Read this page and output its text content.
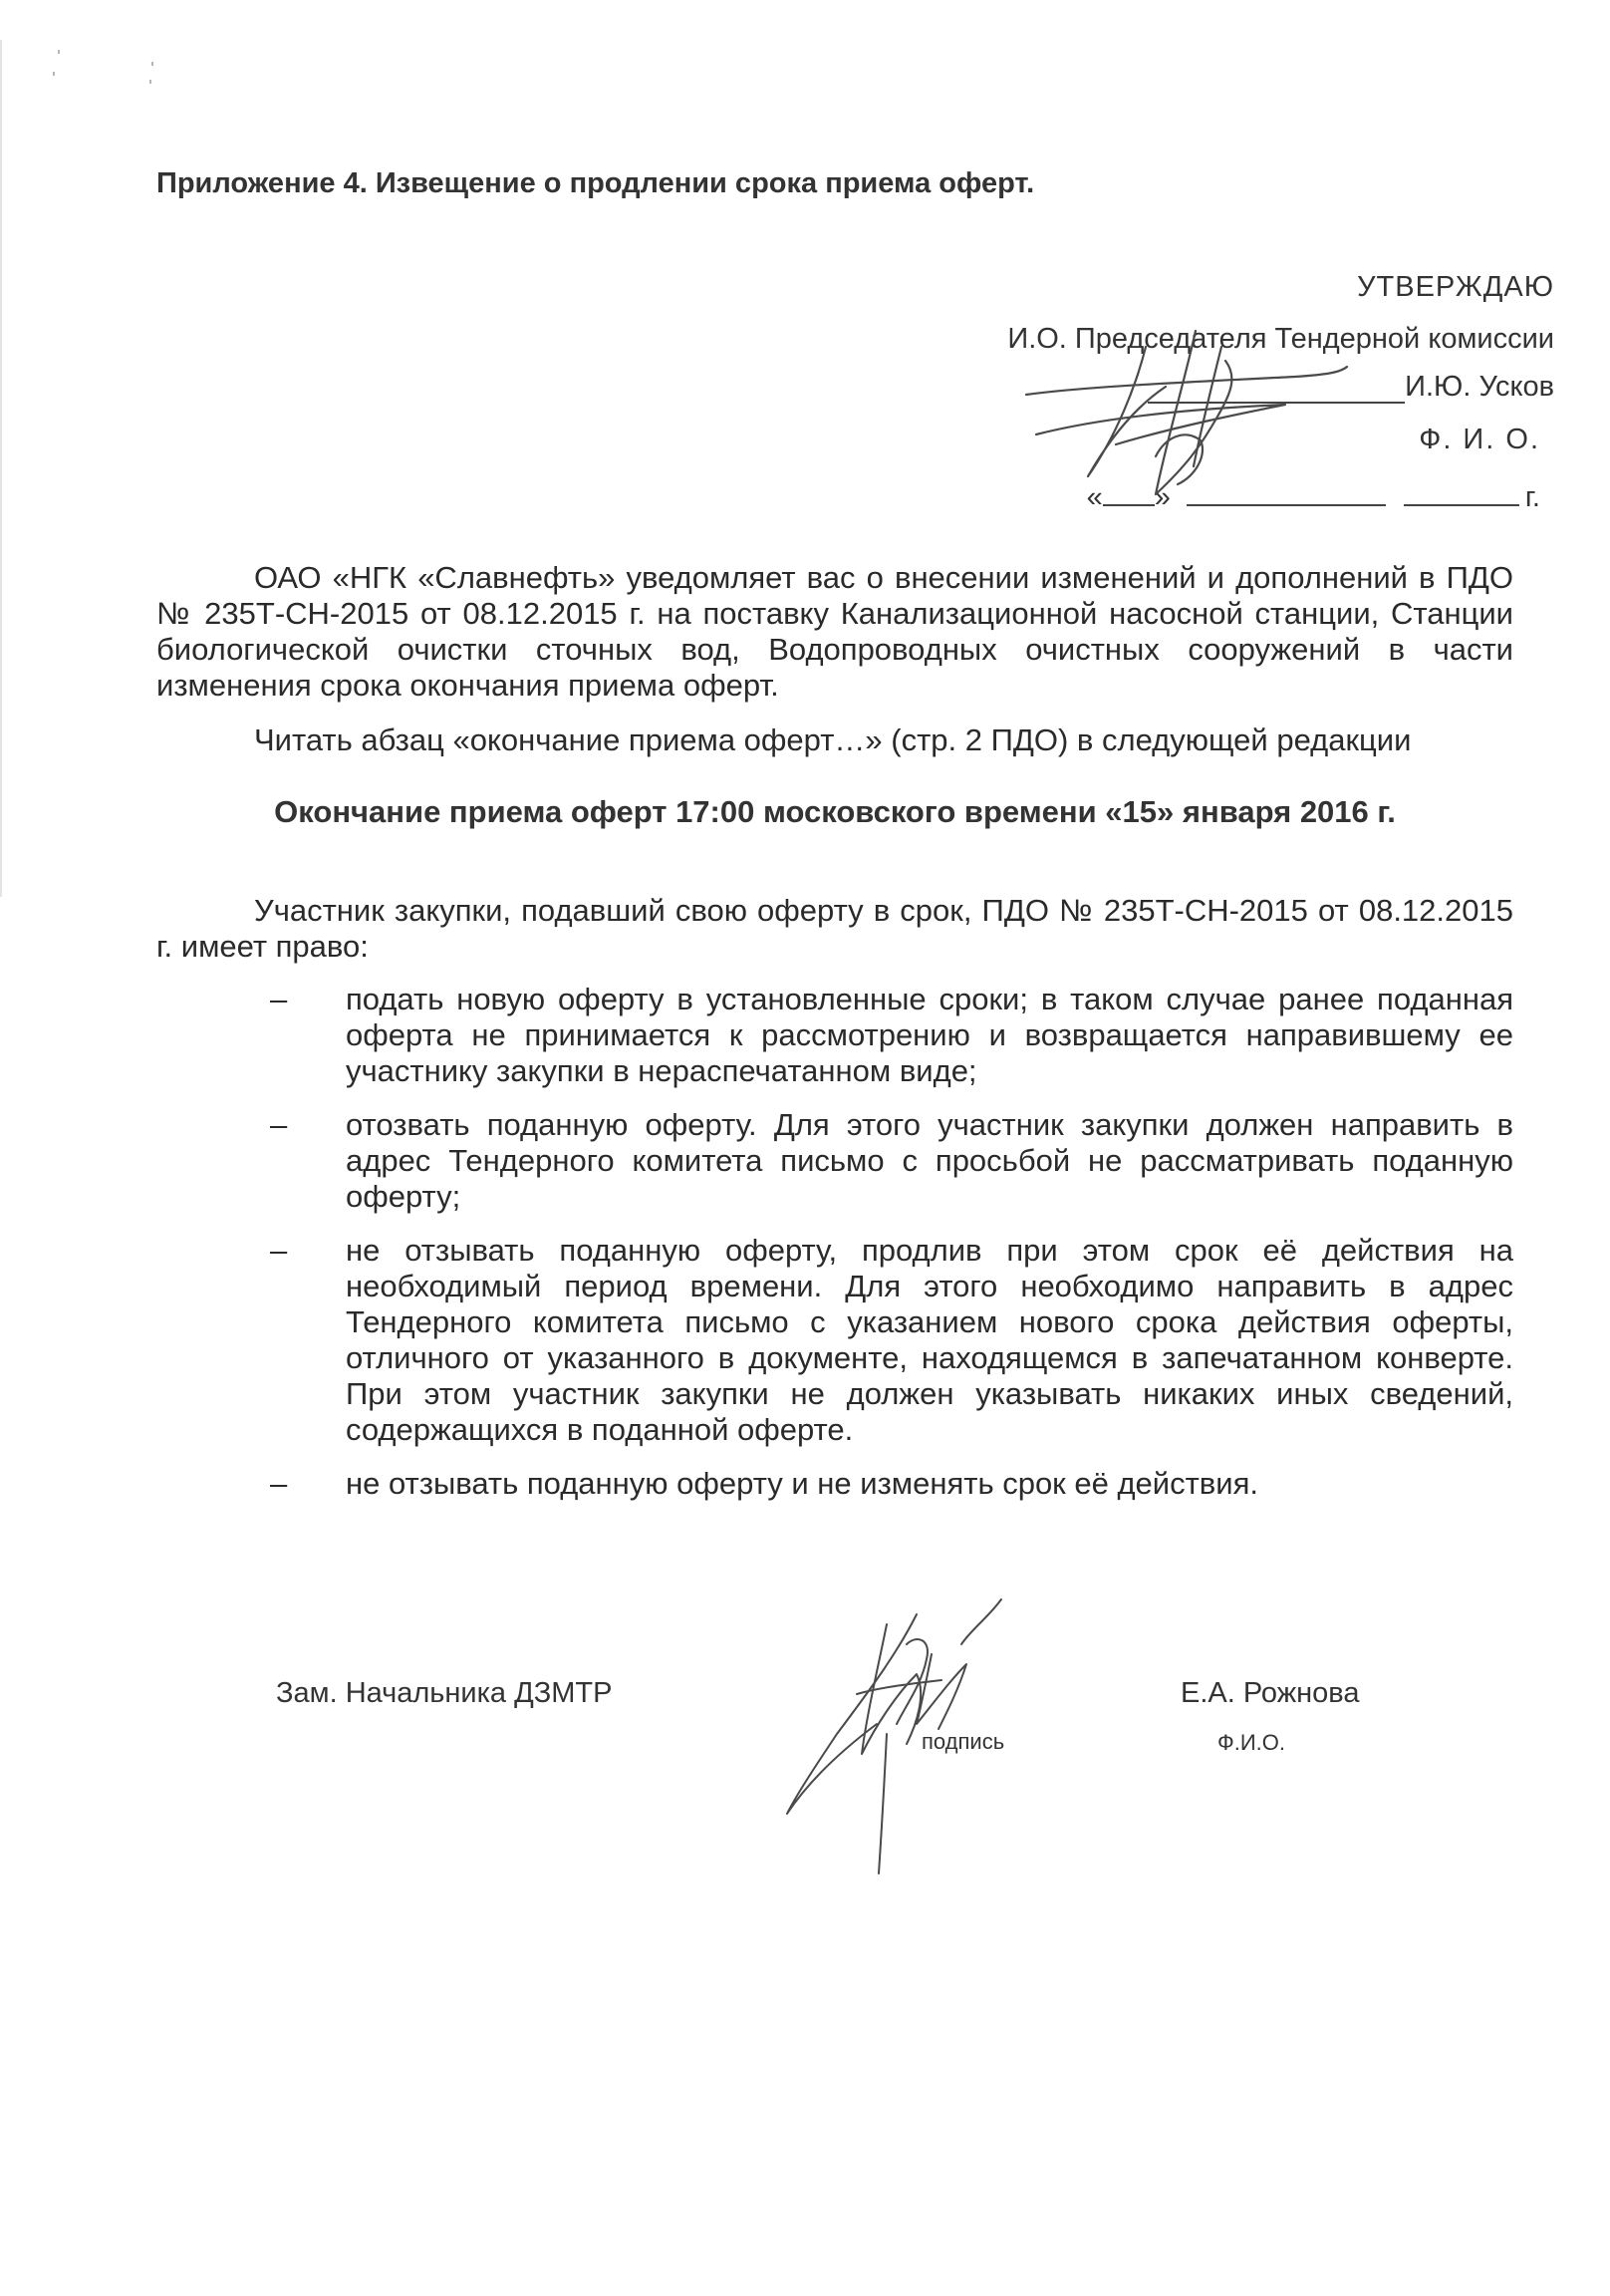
Приложение 4. Извещение о продлении срока приема оферт.
УТВЕРЖДАЮ
И.О. Председателя Тендерной комиссии
И.Ю. Усков
Ф. И. О.
« »	г.

ОАО «НГК «Славнефть» уведомляет вас о внесении изменений и дополнений в ПДО № 235Т-СН-2015 от 08.12.2015 г. на поставку Канализационной насосной станции, Станции биологической очистки сточных вод, Водопроводных очистных сооружений в части изменения срока окончания приема оферт.

Читать абзац «окончание приема оферт…» (стр. 2 ПДО) в следующей редакции

Окончание приема оферт 17:00 московского времени «15» января 2016 г.

Участник закупки, подавший свою оферту в срок, ПДО № 235Т-СН-2015 от 08.12.2015 г. имеет право:

– подать новую оферту в установленные сроки; в таком случае ранее поданная оферта не принимается к рассмотрению и возвращается направившему ее участнику закупки в нераспечатанном виде;
– отозвать поданную оферту. Для этого участник закупки должен направить в адрес Тендерного комитета письмо с просьбой не рассматривать поданную оферту;
– не отзывать поданную оферту, продлив при этом срок её действия на необходимый период времени. Для этого необходимо направить в адрес Тендерного комитета письмо с указанием нового срока действия оферты, отличного от указанного в документе, находящемся в запечатанном конверте. При этом участник закупки не должен указывать никаких иных сведений, содержащихся в поданной оферте.
– не отзывать поданную оферту и не изменять срок её действия.
Зам. Начальника ДЗМТР
подпись
Е.А. Рожнова
Ф.И.О.
